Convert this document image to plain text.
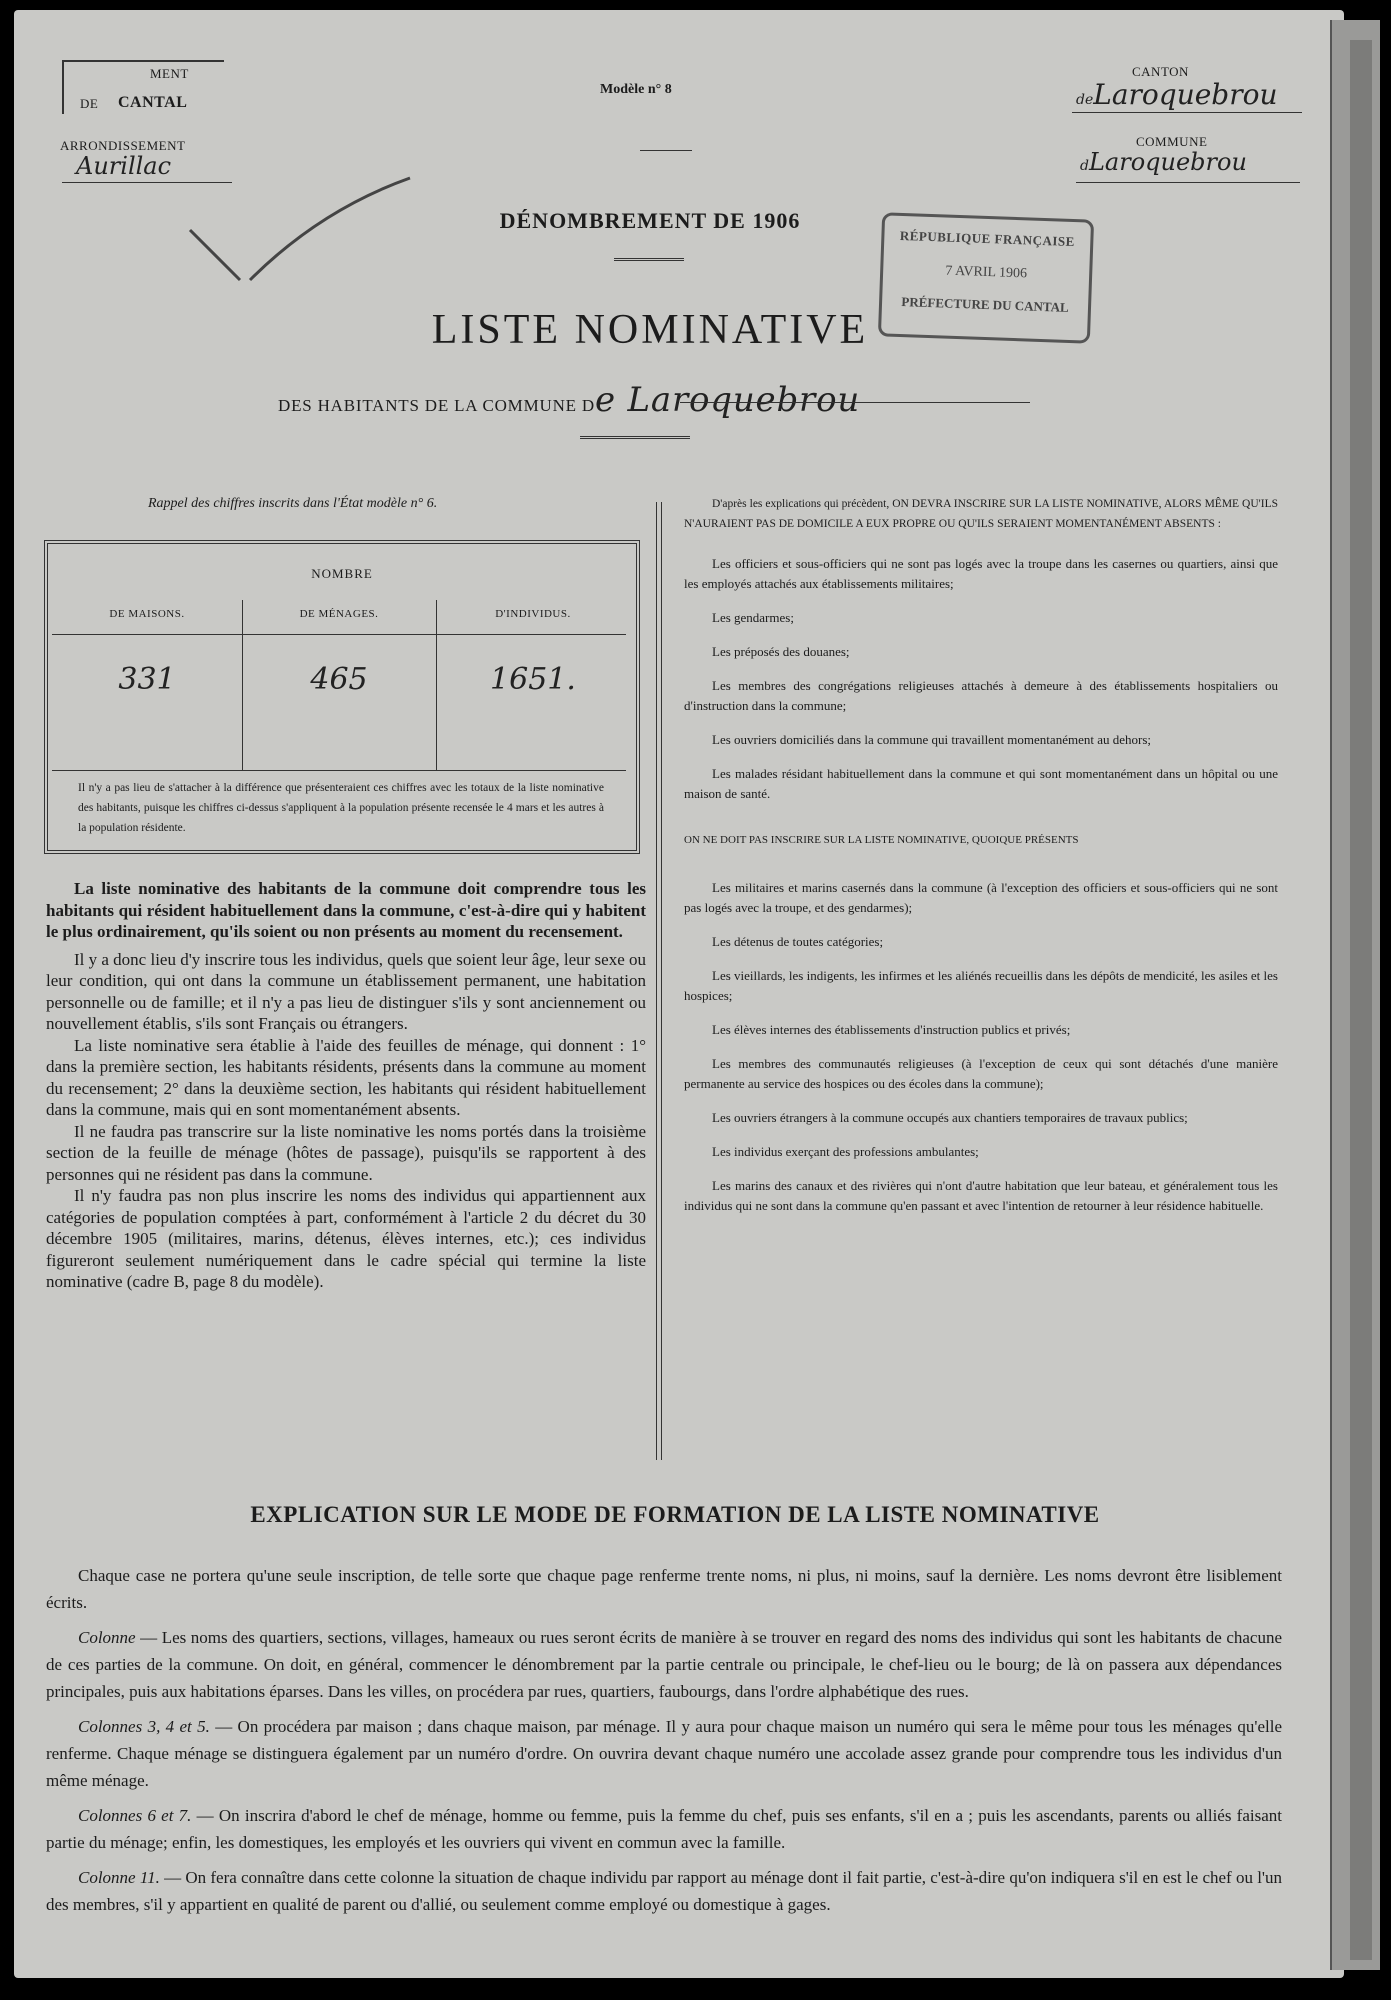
MENT
DE CANTAL
ARRONDISSEMENT
Aurillac
Modèle n° 8
CANTON
deLaroquebrou
COMMUNE
dLaroquebrou
DÉNOMBREMENT DE 1906
RÉPUBLIQUE FRANÇAISE
7 AVRIL 1906
PRÉFECTURE DU CANTAL
LISTE NOMINATIVE
DES HABITANTS DE LA COMMUNE De Laroquebrou
Rappel des chiffres inscrits dans l'État modèle n° 6.
NOMBRE
DE MAISONS.	DE MÉNAGES.	D'INDIVIDUS.
331	465	1651.
Il n'y a pas lieu de s'attacher à la différence que présenteraient ces chiffres avec les totaux de la liste nominative des habitants, puisque les chiffres ci-dessus s'appliquent à la population présente recensée le 4 mars et les autres à la population résidente.

La liste nominative des habitants de la commune doit comprendre tous les habitants qui résident habituellement dans la commune, c'est-à-dire qui y habitent le plus ordinairement, qu'ils soient ou non présents au moment du recensement.

Il y a donc lieu d'y inscrire tous les individus, quels que soient leur âge, leur sexe ou leur condition, qui ont dans la commune un établissement permanent, une habitation personnelle ou de famille; et il n'y a pas lieu de distinguer s'ils y sont anciennement ou nouvellement établis, s'ils sont Français ou étrangers.

La liste nominative sera établie à l'aide des feuilles de ménage, qui donnent : 1° dans la première section, les habitants résidents, présents dans la commune au moment du recensement; 2° dans la deuxième section, les habitants qui résident habituellement dans la commune, mais qui en sont momentanément absents.

Il ne faudra pas transcrire sur la liste nominative les noms portés dans la troisième section de la feuille de ménage (hôtes de passage), puisqu'ils se rapportent à des personnes qui ne résident pas dans la commune.

Il n'y faudra pas non plus inscrire les noms des individus qui appartiennent aux catégories de population comptées à part, conformément à l'article 2 du décret du 30 décembre 1905 (militaires, marins, détenus, élèves internes, etc.); ces individus figureront seulement numériquement dans le cadre spécial qui termine la liste nominative (cadre B, page 8 du modèle).

D'après les explications qui précèdent, ON DEVRA INSCRIRE SUR LA LISTE NOMINATIVE, ALORS MÊME QU'ILS N'AURAIENT PAS DE DOMICILE A EUX PROPRE OU QU'ILS SERAIENT MOMENTANÉMENT ABSENTS :

Les officiers et sous-officiers qui ne sont pas logés avec la troupe dans les casernes ou quartiers, ainsi que les employés attachés aux établissements militaires;

Les gendarmes;

Les préposés des douanes;

Les membres des congrégations religieuses attachés à demeure à des établissements hospitaliers ou d'instruction dans la commune;

Les ouvriers domiciliés dans la commune qui travaillent momentanément au dehors;

Les malades résidant habituellement dans la commune et qui sont momentanément dans un hôpital ou une maison de santé.

ON NE DOIT PAS INSCRIRE SUR LA LISTE NOMINATIVE, QUOIQUE PRÉSENTS

Les militaires et marins casernés dans la commune (à l'exception des officiers et sous-officiers qui ne sont pas logés avec la troupe, et des gendarmes);

Les détenus de toutes catégories;

Les vieillards, les indigents, les infirmes et les aliénés recueillis dans les dépôts de mendicité, les asiles et les hospices;

Les élèves internes des établissements d'instruction publics et privés;

Les membres des communautés religieuses (à l'exception de ceux qui sont détachés d'une manière permanente au service des hospices ou des écoles dans la commune);

Les ouvriers étrangers à la commune occupés aux chantiers temporaires de travaux publics;

Les individus exerçant des professions ambulantes;

Les marins des canaux et des rivières qui n'ont d'autre habitation que leur bateau, et généralement tous les individus qui ne sont dans la commune qu'en passant et avec l'intention de retourner à leur résidence habituelle.

EXPLICATION SUR LE MODE DE FORMATION DE LA LISTE NOMINATIVE

Chaque case ne portera qu'une seule inscription, de telle sorte que chaque page renferme trente noms, ni plus, ni moins, sauf la dernière. Les noms devront être lisiblement écrits.

Colonne — Les noms des quartiers, sections, villages, hameaux ou rues seront écrits de manière à se trouver en regard des noms des individus qui sont les habitants de chacune de ces parties de la commune. On doit, en général, commencer le dénombrement par la partie centrale ou principale, le chef-lieu ou le bourg; de là on passera aux dépendances principales, puis aux habitations éparses. Dans les villes, on procédera par rues, quartiers, faubourgs, dans l'ordre alphabétique des rues.

Colonnes 3, 4 et 5. — On procédera par maison ; dans chaque maison, par ménage. Il y aura pour chaque maison un numéro qui sera le même pour tous les ménages qu'elle renferme. Chaque ménage se distinguera également par un numéro d'ordre. On ouvrira devant chaque numéro une accolade assez grande pour comprendre tous les individus d'un même ménage.

Colonnes 6 et 7. — On inscrira d'abord le chef de ménage, homme ou femme, puis la femme du chef, puis ses enfants, s'il en a ; puis les ascendants, parents ou alliés faisant partie du ménage; enfin, les domestiques, les employés et les ouvriers qui vivent en commun avec la famille.

Colonne 11. — On fera connaître dans cette colonne la situation de chaque individu par rapport au ménage dont il fait partie, c'est-à-dire qu'on indiquera s'il en est le chef ou l'un des membres, s'il y appartient en qualité de parent ou d'allié, ou seulement comme employé ou domestique à gages.
